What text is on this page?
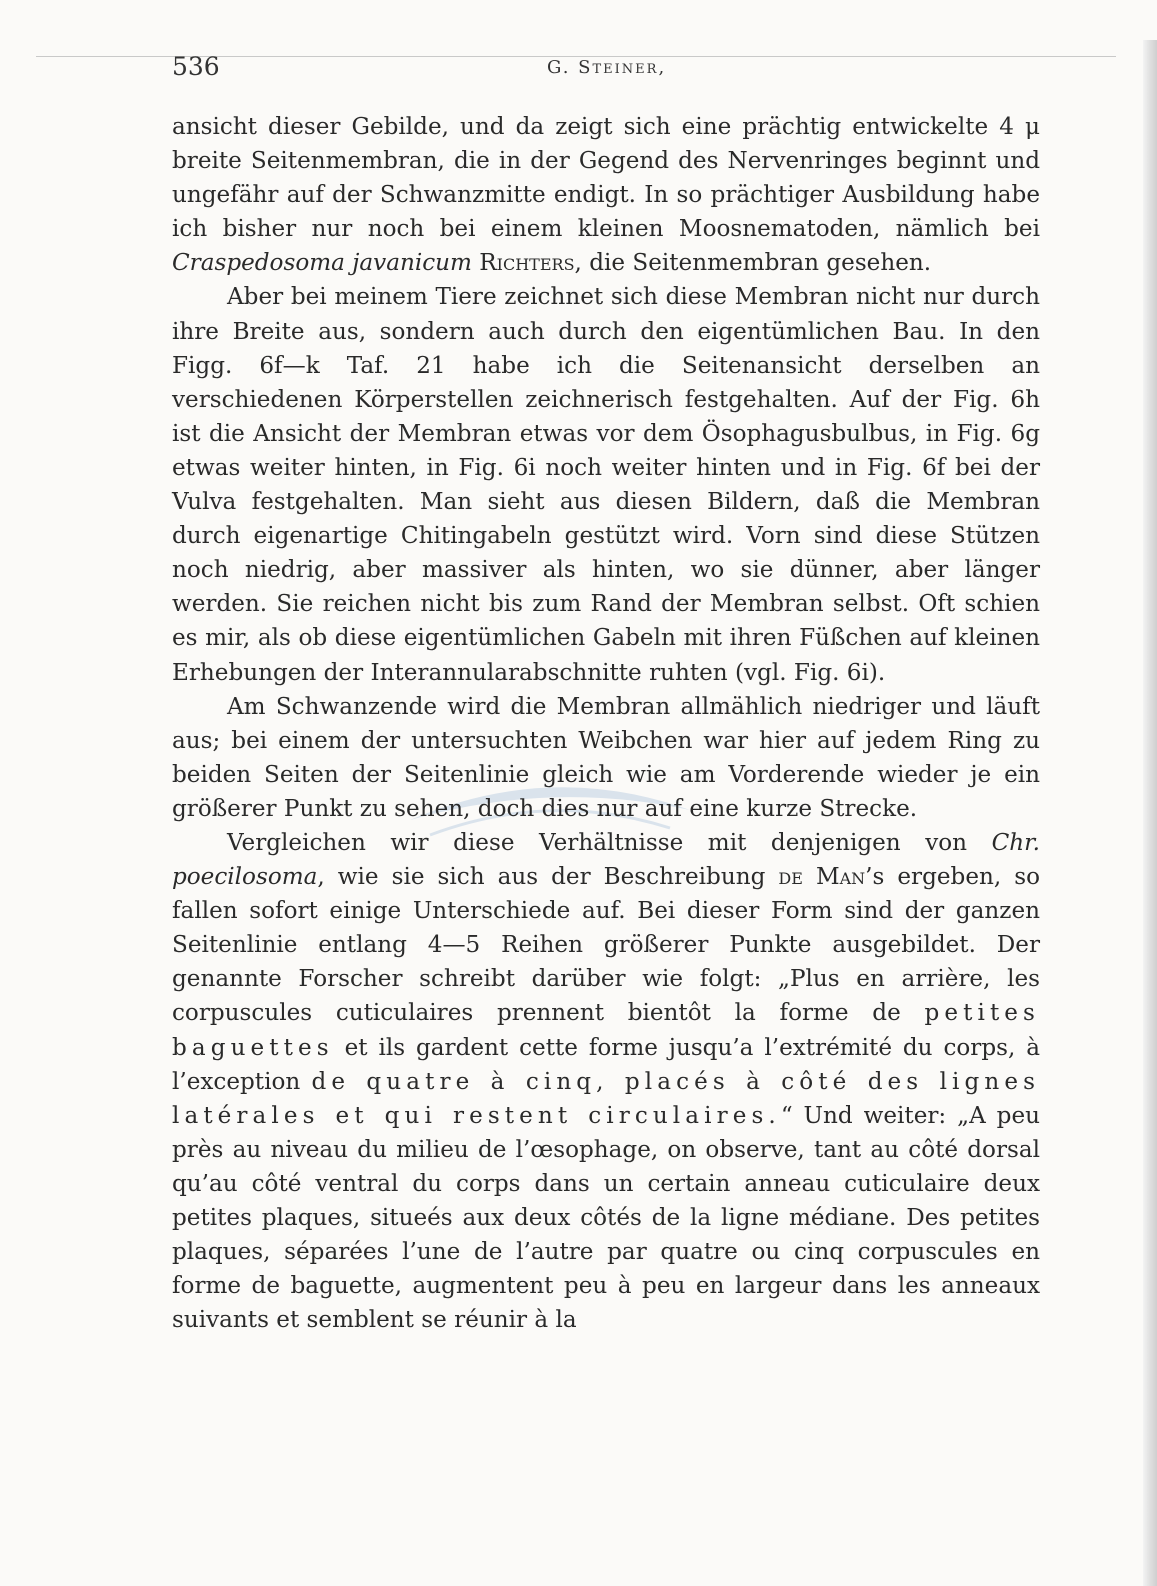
536	G. Steiner,

ansicht dieser Gebilde, und da zeigt sich eine prächtig entwickelte 4 μ breite Seitenmembran, die in der Gegend des Nervenringes beginnt und ungefähr auf der Schwanzmitte endigt. In so prächtiger Ausbildung habe ich bisher nur noch bei einem kleinen Moosnematoden, nämlich bei Craspedosoma javanicum Richters, die Seitenmembran gesehen.

Aber bei meinem Tiere zeichnet sich diese Membran nicht nur durch ihre Breite aus, sondern auch durch den eigentümlichen Bau. In den Figg. 6f—k Taf. 21 habe ich die Seitenansicht derselben an verschiedenen Körperstellen zeichnerisch festgehalten. Auf der Fig. 6h ist die Ansicht der Membran etwas vor dem Ösophagusbulbus, in Fig. 6g etwas weiter hinten, in Fig. 6i noch weiter hinten und in Fig. 6f bei der Vulva festgehalten. Man sieht aus diesen Bildern, daß die Membran durch eigenartige Chitingabeln gestützt wird. Vorn sind diese Stützen noch niedrig, aber massiver als hinten, wo sie dünner, aber länger werden. Sie reichen nicht bis zum Rand der Membran selbst. Oft schien es mir, als ob diese eigentümlichen Gabeln mit ihren Füßchen auf kleinen Erhebungen der Interannularabschnitte ruhten (vgl. Fig. 6i).

Am Schwanzende wird die Membran allmählich niedriger und läuft aus; bei einem der untersuchten Weibchen war hier auf jedem Ring zu beiden Seiten der Seitenlinie gleich wie am Vorderende wieder je ein größerer Punkt zu sehen, doch dies nur auf eine kurze Strecke.

Vergleichen wir diese Verhältnisse mit denjenigen von Chr. poecilosoma, wie sie sich aus der Beschreibung de Man’s ergeben, so fallen sofort einige Unterschiede auf. Bei dieser Form sind der ganzen Seitenlinie entlang 4—5 Reihen größerer Punkte ausgebildet. Der genannte Forscher schreibt darüber wie folgt: „Plus en arrière, les corpuscules cuticulaires prennent bientôt la forme de petites baguettes et ils gardent cette forme jusqu’a l’extrémité du corps, à l’exception de quatre à cinq, placés à côté des lignes latérales et qui restent circulaires.“ Und weiter: „A peu près au niveau du milieu de l’œsophage, on observe, tant au côté dorsal qu’au côté ventral du corps dans un certain anneau cuticulaire deux petites plaques, situeés aux deux côtés de la ligne médiane. Des petites plaques, séparées l’une de l’autre par quatre ou cinq corpuscules en forme de baguette, augmentent peu à peu en largeur dans les anneaux suivants et semblent se réunir à la
